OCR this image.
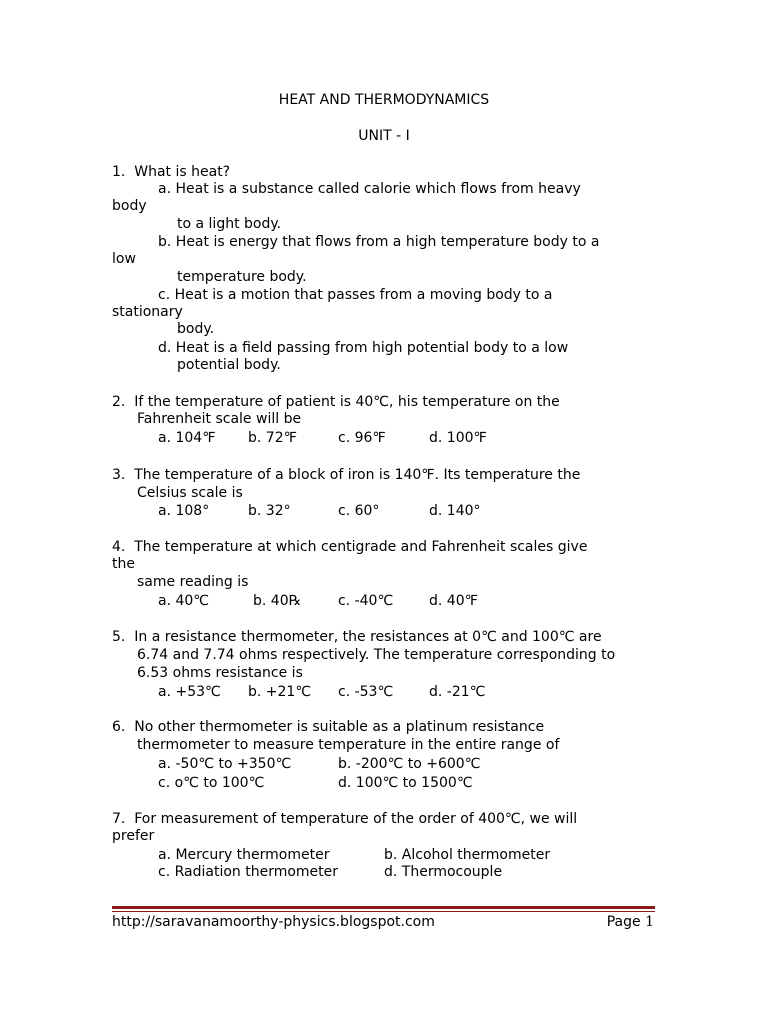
HEAT AND THERMODYNAMICS
UNIT - I
1.  What is heat?
a. Heat is a substance called calorie which flows from heavy
body
to a light body.
b. Heat is energy that flows from a high temperature body to a
low
temperature body.
c. Heat is a motion that passes from a moving body to a
stationary
body.
d. Heat is a field passing from high potential body to a low
potential body.
2.  If the temperature of patient is 40℃, his temperature on the
Fahrenheit scale will be
a. 104℉ b. 72℉	c. 96℉	d. 100℉
3.  The temperature of a block of iron is 140℉. Its temperature the
Celsius scale is
a. 108°	b. 32°	c. 60°	d. 140°
4.  The temperature at which centigrade and Fahrenheit scales give
the
same reading is
a. 40℃	b. 40℞	c. -40℃	d. 40℉
5.  In a resistance thermometer, the resistances at 0℃ and 100℃ are
6.74 and 7.74 ohms respectively. The temperature corresponding to
6.53 ohms resistance is
a. +53℃ b. +21℃ c. -53℃	d. -21℃
6.  No other thermometer is suitable as a platinum resistance
thermometer to measure temperature in the entire range of
a. -50℃ to +350℃	b. -200℃ to +600℃
c. o℃ to 100℃	d. 100℃ to 1500℃
7.  For measurement of temperature of the order of 400℃, we will
prefer
a. Mercury thermometer	b. Alcohol thermometer
c. Radiation thermometer	d. Thermocouple
http://saravanamoorthy-physics.blogspot.com	Page 1
